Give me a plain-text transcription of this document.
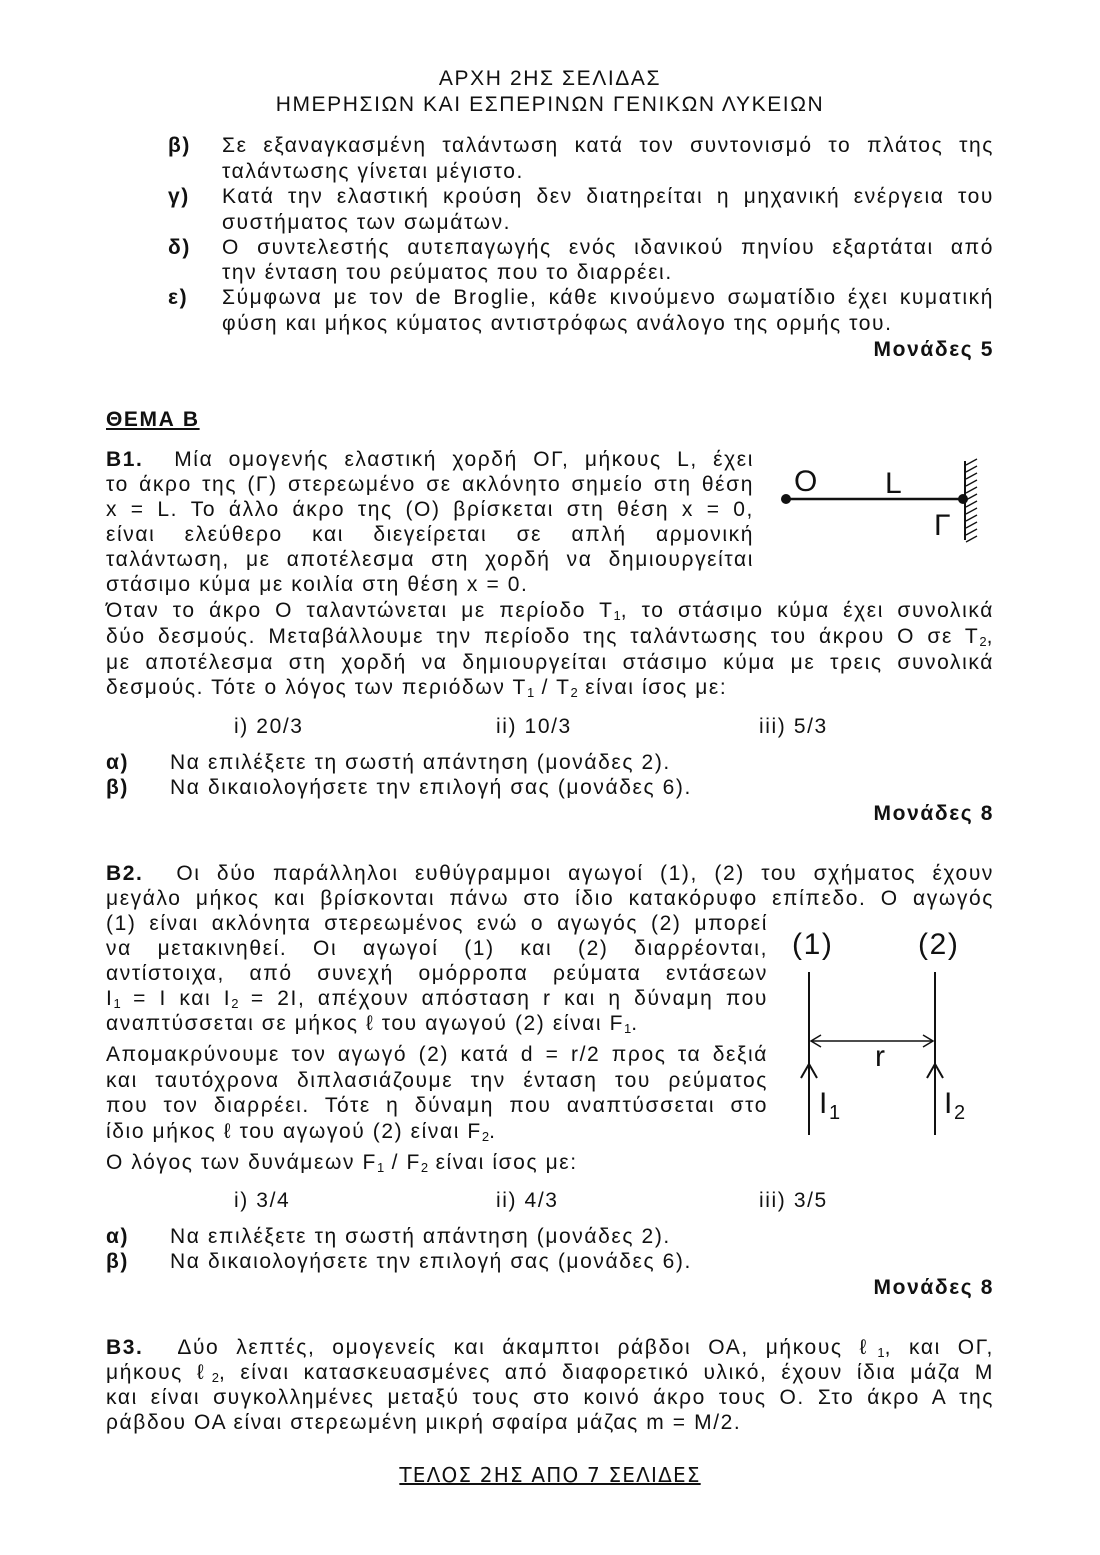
ΑΡΧΗ 2ΗΣ ΣΕΛΙΔΑΣ
ΗΜΕΡΗΣΙΩΝ ΚΑΙ ΕΣΠΕΡΙΝΩΝ ΓΕΝΙΚΩΝ ΛΥΚΕΙΩΝ
β) Σε εξαναγκασμένη ταλάντωση κατά τον συντονισμό το πλάτος της
ταλάντωσης γίνεται μέγιστο.
γ) Κατά την ελαστική κρούση δεν διατηρείται η μηχανική ενέργεια του
συστήματος των σωμάτων.
δ) Ο συντελεστής αυτεπαγωγής ενός ιδανικού πηνίου εξαρτάται από
την ένταση του ρεύματος που το διαρρέει.
ε) Σύμφωνα με τον de Broglie, κάθε κινούμενο σωματίδιο έχει κυματική
φύση και μήκος κύματος αντιστρόφως ανάλογο της ορμής του.
Μονάδες 5
ΘΕΜΑ Β
Β1. Μία ομογενής ελαστική χορδή ΟΓ, μήκους L, έχει
το άκρο της (Γ) στερεωμένο σε ακλόνητο σημείο στη θέση
x = L. Το άλλο άκρο της (Ο) βρίσκεται στη θέση x = 0,
είναι ελεύθερο και διεγείρεται σε απλή αρμονική
ταλάντωση, με αποτέλεσμα στη χορδή να δημιουργείται
στάσιμο κύμα με κοιλία στη θέση x = 0.
Όταν το άκρο Ο ταλαντώνεται με περίοδο $T_1$, το στάσιμο κύμα έχει συνολικά
δύο δεσμούς. Μεταβάλλουμε την περίοδο της ταλάντωσης του άκρου Ο σε $T_2$,
με αποτέλεσμα στη χορδή να δημιουργείται στάσιμο κύμα με τρεις συνολικά
δεσμούς. Τότε ο λόγος των περιόδων $T_1 / T_2$ είναι ίσος με:
i) 20/3	ii) 10/3	iii) 5/3
α) Να επιλέξετε τη σωστή απάντηση (μονάδες 2).
β) Να δικαιολογήσετε την επιλογή σας (μονάδες 6).
Μονάδες 8
O L
Γ
Β2. Οι δύο παράλληλοι ευθύγραμμοι αγωγοί (1), (2) του σχήματος έχουν
μεγάλο μήκος και βρίσκονται πάνω στο ίδιο κατακόρυφο επίπεδο. Ο αγωγός
(1) είναι ακλόνητα στερεωμένος ενώ ο αγωγός (2) μπορεί
να μετακινηθεί. Οι αγωγοί (1) και (2) διαρρέονται,
αντίστοιχα, από συνεχή ομόρροπα ρεύματα εντάσεων
$I_1 = I$ και $I_2 = 2I$, απέχουν απόσταση r και η δύναμη που
αναπτύσσεται σε μήκος ℓ του αγωγού (2) είναι $F_1$.
Απομακρύνουμε τον αγωγό (2) κατά d = r/2 προς τα δεξιά
και ταυτόχρονα διπλασιάζουμε την ένταση του ρεύματος
που τον διαρρέει. Τότε η δύναμη που αναπτύσσεται στο
ίδιο μήκος ℓ του αγωγού (2) είναι $F_2$.
Ο λόγος των δυνάμεων $F_1 / F_2$ είναι ίσος με:
i) 3/4	ii) 4/3	iii) 3/5
α) Να επιλέξετε τη σωστή απάντηση (μονάδες 2).
β) Να δικαιολογήσετε την επιλογή σας (μονάδες 6).
Μονάδες 8
(1)	(2)
r
$I_1$	$I_2$
Β3. Δύο λεπτές, ομογενείς και άκαμπτοι ράβδοι ΟΑ, μήκους ℓ$_1$, και ΟΓ,
μήκους ℓ$_2$, είναι κατασκευασμένες από διαφορετικό υλικό, έχουν ίδια μάζα Μ
και είναι συγκολλημένες μεταξύ τους στο κοινό άκρο τους Ο. Στο άκρο Α της
ράβδου ΟΑ είναι στερεωμένη μικρή σφαίρα μάζας m = M/2.
ΤΕΛΟΣ 2ΗΣ ΑΠΟ 7 ΣΕΛΙΔΕΣ
